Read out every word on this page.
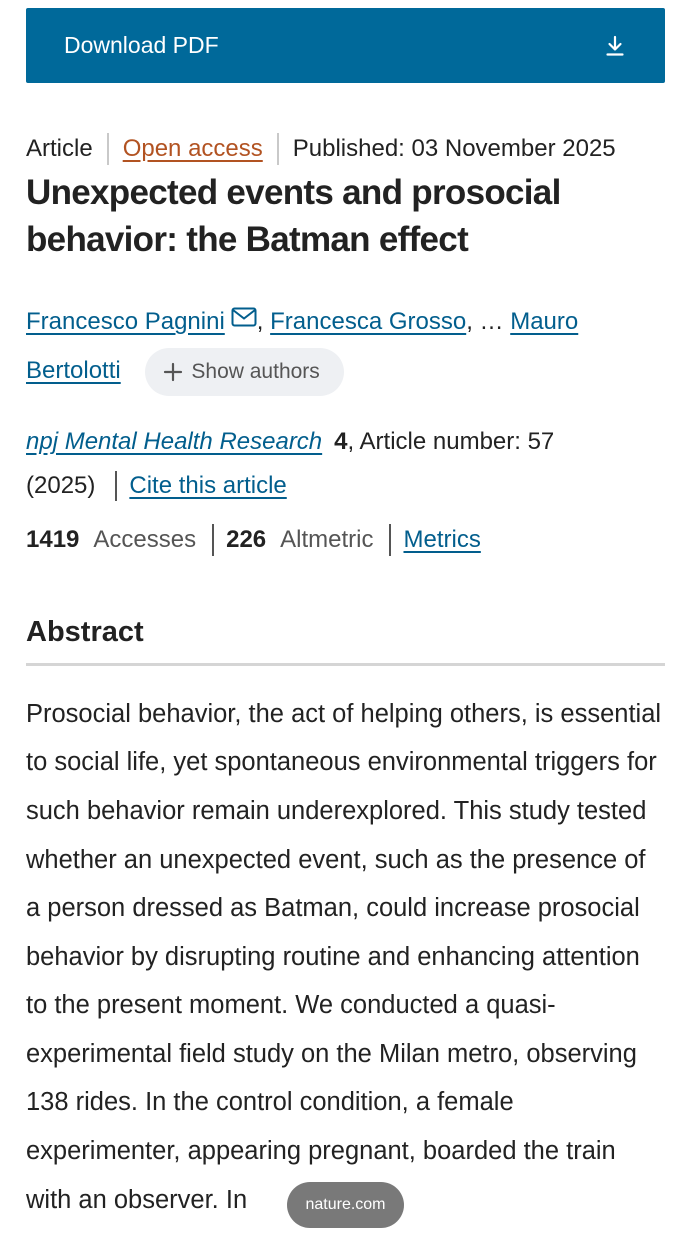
Download PDF
Article Open access Published: 03 November 2025
Unexpected events and prosocial behavior: the Batman effect
Francesco Pagnini , Francesca Grosso, … Mauro Bertolotti	Show authors
npj Mental Health Research 4, Article number: 57
(2025) Cite this article
1419 Accesses 226 Altmetric Metrics
Abstract

Prosocial behavior, the act of helping others, is essential to social life, yet spontaneous environmental triggers for such behavior remain underexplored. This study tested whether an unexpected event, such as the presence of a person dressed as Batman, could increase prosocial behavior by disrupting routine and enhancing attention to the present moment. We conducted a quasi-experimental field study on the Milan metro, observing 138 rides. In the control condition, a female experimenter, appearing pregnant, boarded the train with an observer. In	nature.com
